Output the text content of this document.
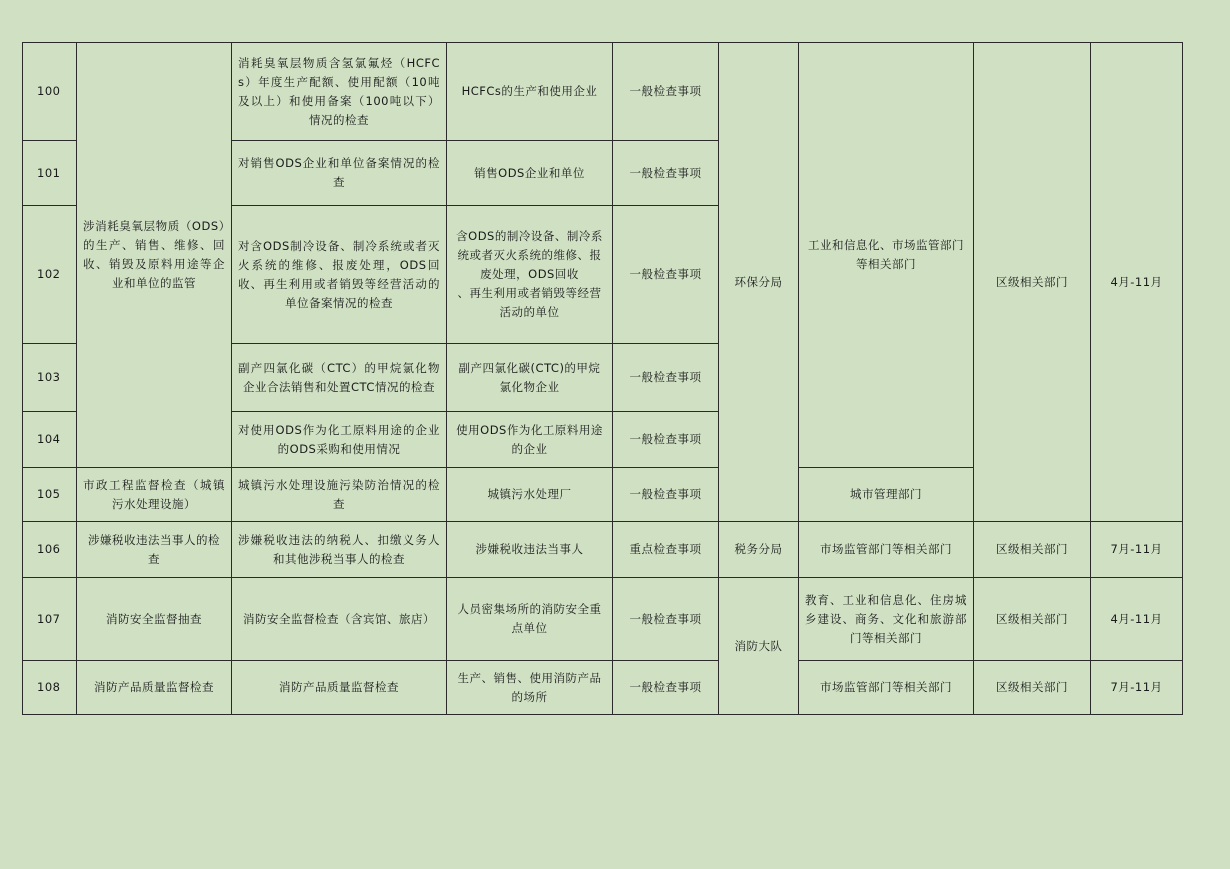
100	涉消耗臭氧层物质（ODS）的生产、销售、维修、回收、销毁及原料用途等企业和单位的监管	消耗臭氧层物质含氢氯氟烃（HCFCs）年度生产配额、使用配额（10吨及以上）和使用备案（100吨以下）情况的检查	HCFCs的生产和使用企业	一般检查事项	环保分局	工业和信息化、市场监管部门等相关部门	区级相关部门	4月-11月
101		对销售ODS企业和单位备案情况的检查	销售ODS企业和单位	一般检查事项				
102		对含ODS制冷设备、制冷系统或者灭火系统的维修、报废处理，ODS回收、再生利用或者销毁等经营活动的单位备案情况的检查	含ODS的制冷设备、制冷系统或者灭火系统的维修、报废处理，ODS回收
、再生利用或者销毁等经营活动的单位	一般检查事项				
103		副产四氯化碳（CTC）的甲烷氯化物企业合法销售和处置CTC情况的检查	副产四氯化碳(CTC)的甲烷氯化物企业	一般检查事项				
104		对使用ODS作为化工原料用途的企业的ODS采购和使用情况	使用ODS作为化工原料用途的企业	一般检查事项				
105	市政工程监督检查（城镇污水处理设施）	城镇污水处理设施污染防治情况的检查	城镇污水处理厂	一般检查事项		城市管理部门		
106	涉嫌税收违法当事人的检查	涉嫌税收违法的纳税人、扣缴义务人和其他涉税当事人的检查	涉嫌税收违法当事人	重点检查事项	税务分局	市场监管部门等相关部门	区级相关部门	7月-11月
107	消防安全监督抽查	消防安全监督检查（含宾馆、旅店）	人员密集场所的消防安全重点单位	一般检查事项	消防大队	教育、工业和信息化、住房城乡建设、商务、文化和旅游部门等相关部门	区级相关部门	4月-11月
108	消防产品质量监督检查	消防产品质量监督检查	生产、销售、使用消防产品的场所	一般检查事项		市场监管部门等相关部门	区级相关部门	7月-11月
